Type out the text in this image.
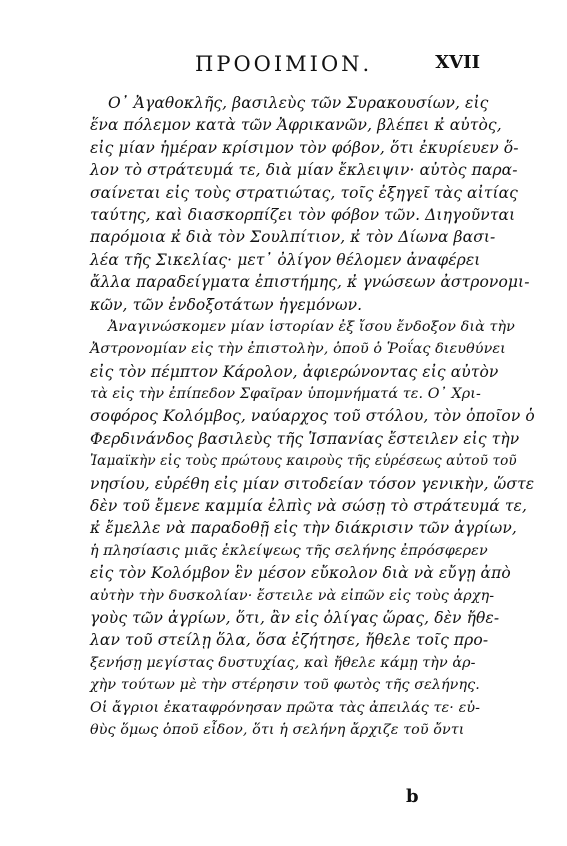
ΠΡΟΟΙΜΙΟΝ.	XVII
Ο᾽ Ἀγαθοκλῆς, βασιλεὺς τῶν Συρακουσίων, εἰς
ἕνα πόλεμον κατὰ τῶν Ἀφρικανῶν, βλέπει κ̓ αὐτὸς,
εἰς μίαν ἡμέραν κρίσιμον τὸν φόβον, ὅτι ἐκυρίευεν ὅ-
λον τὸ στράτευμά τε, διὰ μίαν ἔκλειψιν· αὐτὸς παρα-
σαίνεται εἰς τοὺς στρατιώτας, τοῖς ἐξηγεῖ τὰς αἰτίας
ταύτης, καὶ διασκορπίζει τὸν φόβον τῶν. Διηγοῦνται
παρόμοια κ̓ διὰ τὸν Σουλπίτιον, κ̓ τὸν Δίωνα βασι-
λέα τῆς Σικελίας· μετ᾽ ὀλίγον θέλομεν ἀναφέρει
ἄλλα παραδείγματα ἐπιστήμης, κ̓ γνώσεων ἀστρονομι-
κῶν, τῶν ἐνδοξοτάτων ἡγεμόνων.
Ἀναγινώσκομεν μίαν ἱστορίαν ἐξ ἴσου ἔνδοξον διὰ τὴν
Ἀστρονομίαν εἰς τὴν ἐπιστολὴν, ὁποῦ ὁ Ῥοΐας διευθύνει
εἰς τὸν πέμπτον Κάρολον, ἀφιερώνοντας εἰς αὐτὸν
τὰ εἰς τὴν ἐπίπεδον Σφαῖραν ὑπομνήματά τε. Ο᾽ Χρι-
σοφόρος Κολόμβος, ναύαρχος τοῦ στόλου, τὸν ὁποῖον ὁ
Φερδινάνδος βασιλεὺς τῆς Ἱσπανίας ἔστειλεν εἰς τὴν
Ἰαμαϊκὴν εἰς τοὺς πρώτους καιροὺς τῆς εὑρέσεως αὐτοῦ τοῦ
νησίου, εὑρέθη εἰς μίαν σιτοδείαν τόσον γενικὴν, ὥστε
δὲν τοῦ ἔμενε καμμία ἐλπὶς νὰ σώσῃ τὸ στράτευμά τε,
κ̓ ἔμελλε νὰ παραδοθῇ εἰς τὴν διάκρισιν τῶν ἀγρίων,
ἡ πλησίασις μιᾶς ἐκλείψεως τῆς σελήνης ἐπρόσφερεν
εἰς τὸν Κολόμβον ἓν μέσον εὔκολον διὰ νὰ εὔγῃ ἀπὸ
αὐτὴν τὴν δυσκολίαν· ἔστειλε νὰ εἰπῶν εἰς τοὺς ἀρχη-
γοὺς τῶν ἀγρίων, ὅτι, ἂν εἰς ὀλίγας ὥρας, δὲν ἤθε-
λαν τοῦ στείλῃ ὅλα, ὅσα ἐζήτησε, ἤθελε τοῖς προ-
ξενήσῃ μεγίστας δυστυχίας, καὶ ἤθελε κάμῃ τὴν ἀρ-
χὴν τούτων μὲ τὴν στέρησιν τοῦ φωτὸς τῆς σελήνης.
Οἱ ἄγριοι ἐκαταφρόνησαν πρῶτα τὰς ἀπειλάς τε· εὐ-
θὺς ὅμως ὁποῦ εἶδον, ὅτι ἡ σελήνη ἄρχιζε τοῦ ὄντι
b
